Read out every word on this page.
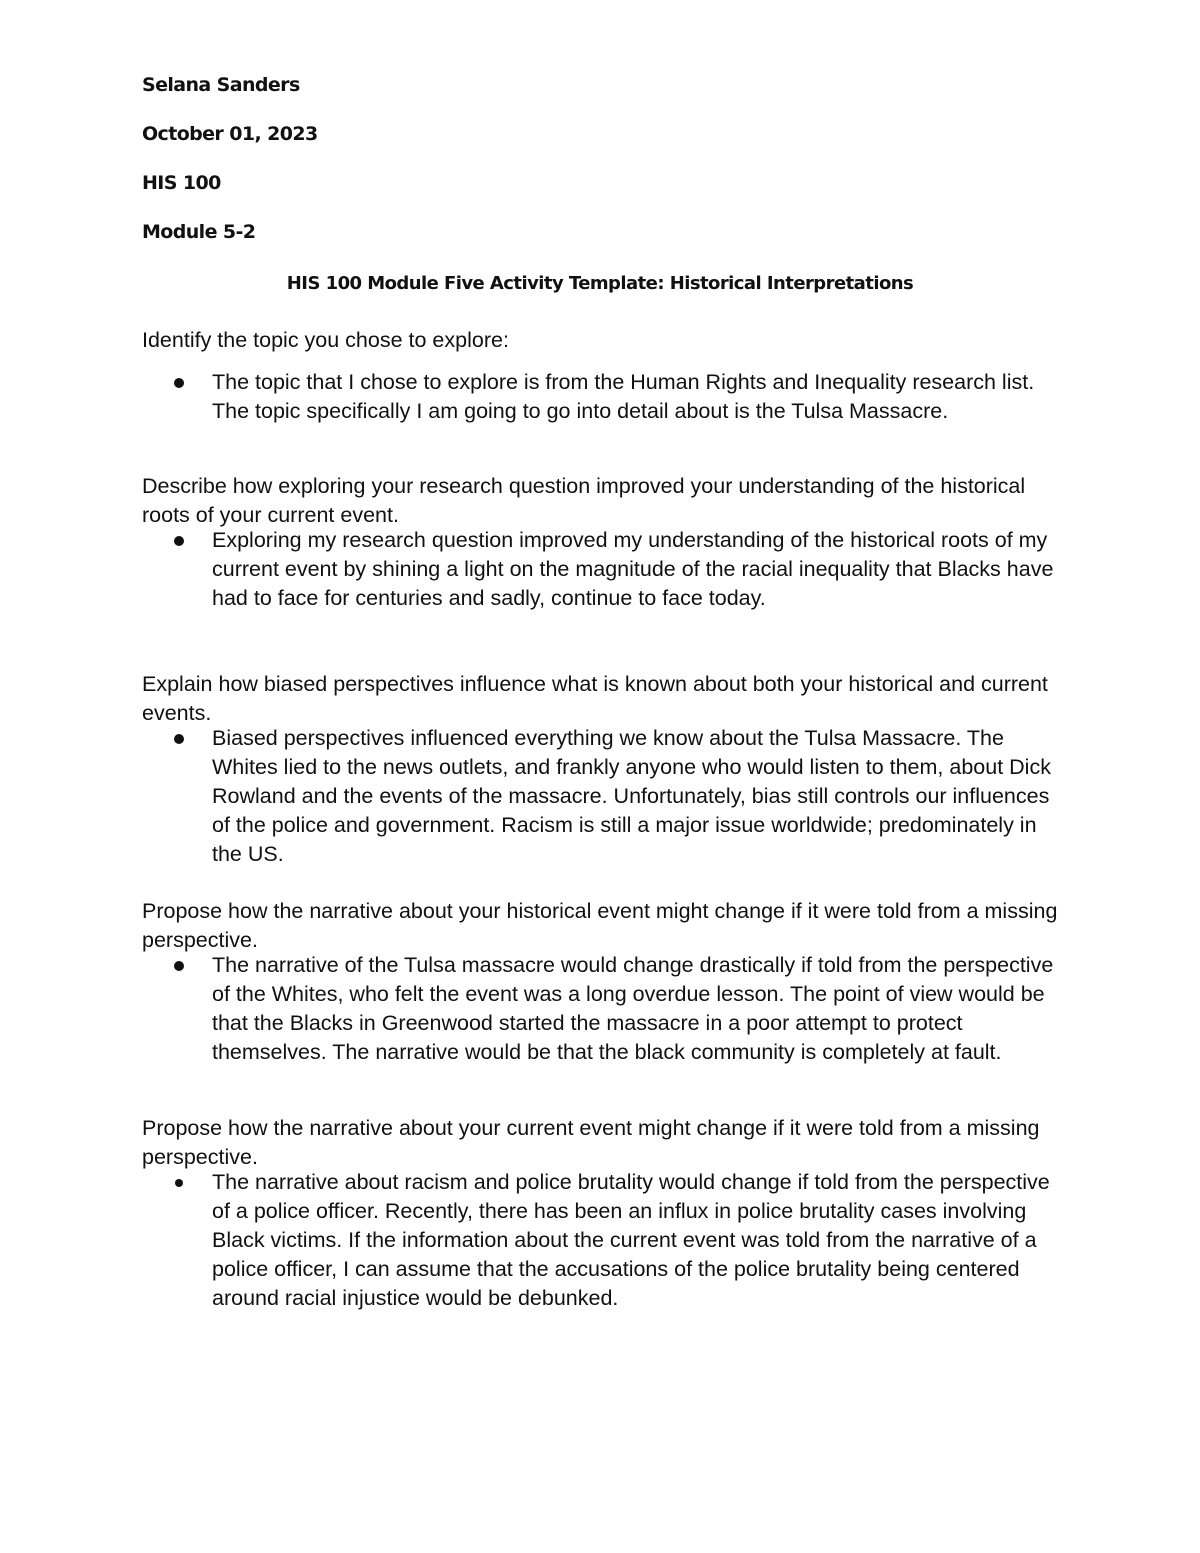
Selana Sanders
October 01, 2023
HIS 100
Module 5-2
HIS 100 Module Five Activity Template: Historical Interpretations

Identify the topic you chose to explore:

The topic that I chose to explore is from the Human Rights and Inequality research list. The topic specifically I am going to go into detail about is the Tulsa Massacre.

Describe how exploring your research question improved your understanding of the historical roots of your current event.

Exploring my research question improved my understanding of the historical roots of my current event by shining a light on the magnitude of the racial inequality that Blacks have had to face for centuries and sadly, continue to face today.

Explain how biased perspectives influence what is known about both your historical and current events.

Biased perspectives influenced everything we know about the Tulsa Massacre. The Whites lied to the news outlets, and frankly anyone who would listen to them, about Dick Rowland and the events of the massacre. Unfortunately, bias still controls our influences of the police and government. Racism is still a major issue worldwide; predominately in the US.

Propose how the narrative about your historical event might change if it were told from a missing perspective.

The narrative of the Tulsa massacre would change drastically if told from the perspective of the Whites, who felt the event was a long overdue lesson. The point of view would be that the Blacks in Greenwood started the massacre in a poor attempt to protect themselves. The narrative would be that the black community is completely at fault.

Propose how the narrative about your current event might change if it were told from a missing perspective.

The narrative about racism and police brutality would change if told from the perspective of a police officer. Recently, there has been an influx in police brutality cases involving Black victims. If the information about the current event was told from the narrative of a police officer, I can assume that the accusations of the police brutality being centered around racial injustice would be debunked.
